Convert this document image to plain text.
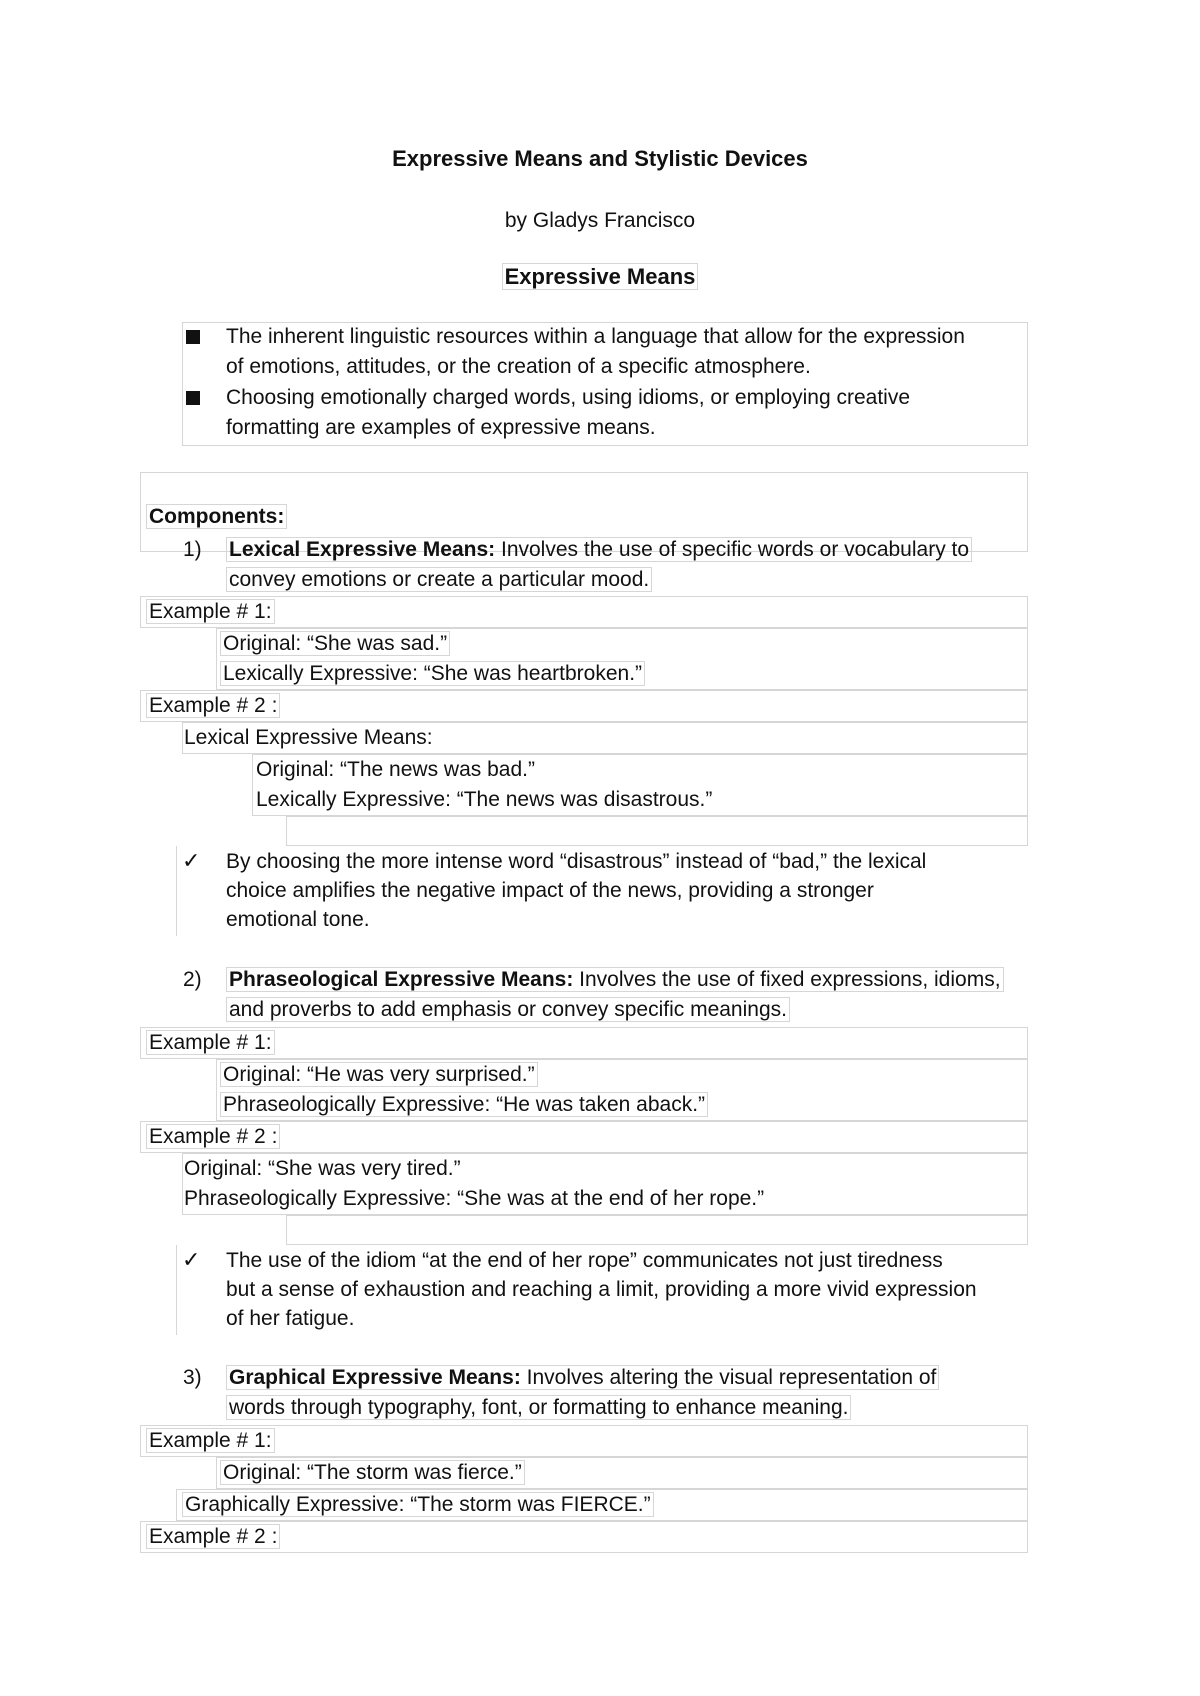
Expressive Means and Stylistic Devices
by Gladys Francisco
Expressive Means
The inherent linguistic resources within a language that allow for the expression
of emotions, attitudes, or the creation of a specific atmosphere.
Choosing emotionally charged words, using idioms, or employing creative
formatting are examples of expressive means.
Components:
1) Lexical Expressive Means: Involves the use of specific words or vocabulary to
convey emotions or create a particular mood.
Example # 1:
Original: “She was sad.”
Lexically Expressive: “She was heartbroken.”
Example # 2 :
Lexical Expressive Means:
Original: “The news was bad.”
Lexically Expressive: “The news was disastrous.”
✓ By choosing the more intense word “disastrous” instead of “bad,” the lexical
choice amplifies the negative impact of the news, providing a stronger
emotional tone.
2) Phraseological Expressive Means: Involves the use of fixed expressions, idioms,
and proverbs to add emphasis or convey specific meanings.
Example # 1:
Original: “He was very surprised.”
Phraseologically Expressive: “He was taken aback.”
Example # 2 :
Original: “She was very tired.”
Phraseologically Expressive: “She was at the end of her rope.”
✓ The use of the idiom “at the end of her rope” communicates not just tiredness
but a sense of exhaustion and reaching a limit, providing a more vivid expression
of her fatigue.
3) Graphical Expressive Means: Involves altering the visual representation of
words through typography, font, or formatting to enhance meaning.
Example # 1:
Original: “The storm was fierce.”
Graphically Expressive: “The storm was FIERCE.”
Example # 2 :
